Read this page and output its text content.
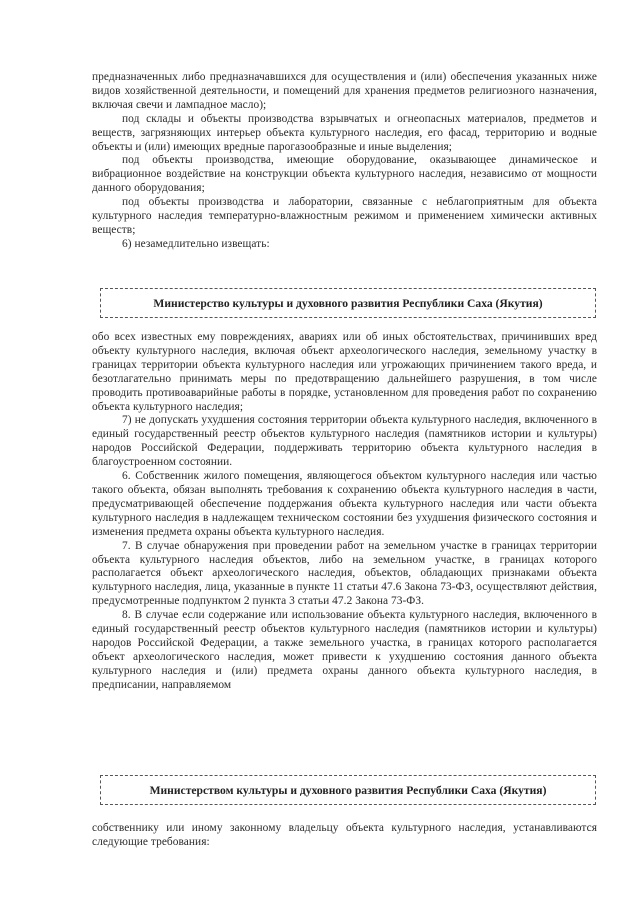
предназначенных либо предназначавшихся для осуществления и (или) обеспечения указанных ниже видов хозяйственной деятельности, и помещений для хранения предметов религиозного назначения, включая свечи и лампадное масло);

под склады и объекты производства взрывчатых и огнеопасных материалов, предметов и веществ, загрязняющих интерьер объекта культурного наследия, его фасад, территорию и водные объекты и (или) имеющих вредные парогазообразные и иные выделения;

под объекты производства, имеющие оборудование, оказывающее динамическое и вибрационное воздействие на конструкции объекта культурного наследия, независимо от мощности данного оборудования;

под объекты производства и лаборатории, связанные с неблагоприятным для объекта культурного наследия температурно-влажностным режимом и применением химически активных веществ;

6) незамедлительно извещать:

Министерство культуры и духовного развития Республики Саха (Якутия)

обо всех известных ему повреждениях, авариях или об иных обстоятельствах, причинивших вред объекту культурного наследия, включая объект археологического наследия, земельному участку в границах территории объекта культурного наследия или угрожающих причинением такого вреда, и безотлагательно принимать меры по предотвращению дальнейшего разрушения, в том числе проводить противоаварийные работы в порядке, установленном для проведения работ по сохранению объекта культурного наследия;

7) не допускать ухудшения состояния территории объекта культурного наследия, включенного в единый государственный реестр объектов культурного наследия (памятников истории и культуры) народов Российской Федерации, поддерживать территорию объекта культурного наследия в благоустроенном состоянии.

6. Собственник жилого помещения, являющегося объектом культурного наследия или частью такого объекта, обязан выполнять требования к сохранению объекта культурного наследия в части, предусматривающей обеспечение поддержания объекта культурного наследия или части объекта культурного наследия в надлежащем техническом состоянии без ухудшения физического состояния и изменения предмета охраны объекта культурного наследия.

7. В случае обнаружения при проведении работ на земельном участке в границах территории объекта культурного наследия объектов, либо на земельном участке, в границах которого располагается объект археологического наследия, объектов, обладающих признаками объекта культурного наследия, лица, указанные в пункте 11 статьи 47.6 Закона 73-ФЗ, осуществляют действия, предусмотренные подпунктом 2 пункта 3 статьи 47.2 Закона 73-ФЗ.

8. В случае если содержание или использование объекта культурного наследия, включенного в единый государственный реестр объектов культурного наследия (памятников истории и культуры) народов Российской Федерации, а также земельного участка, в границах которого располагается объект археологического наследия, может привести к ухудшению состояния данного объекта культурного наследия и (или) предмета охраны данного объекта культурного наследия, в предписании, направляемом

Министерством культуры и духовного развития Республики Саха (Якутия)

собственнику или иному законному владельцу объекта культурного наследия, устанавливаются следующие требования:
